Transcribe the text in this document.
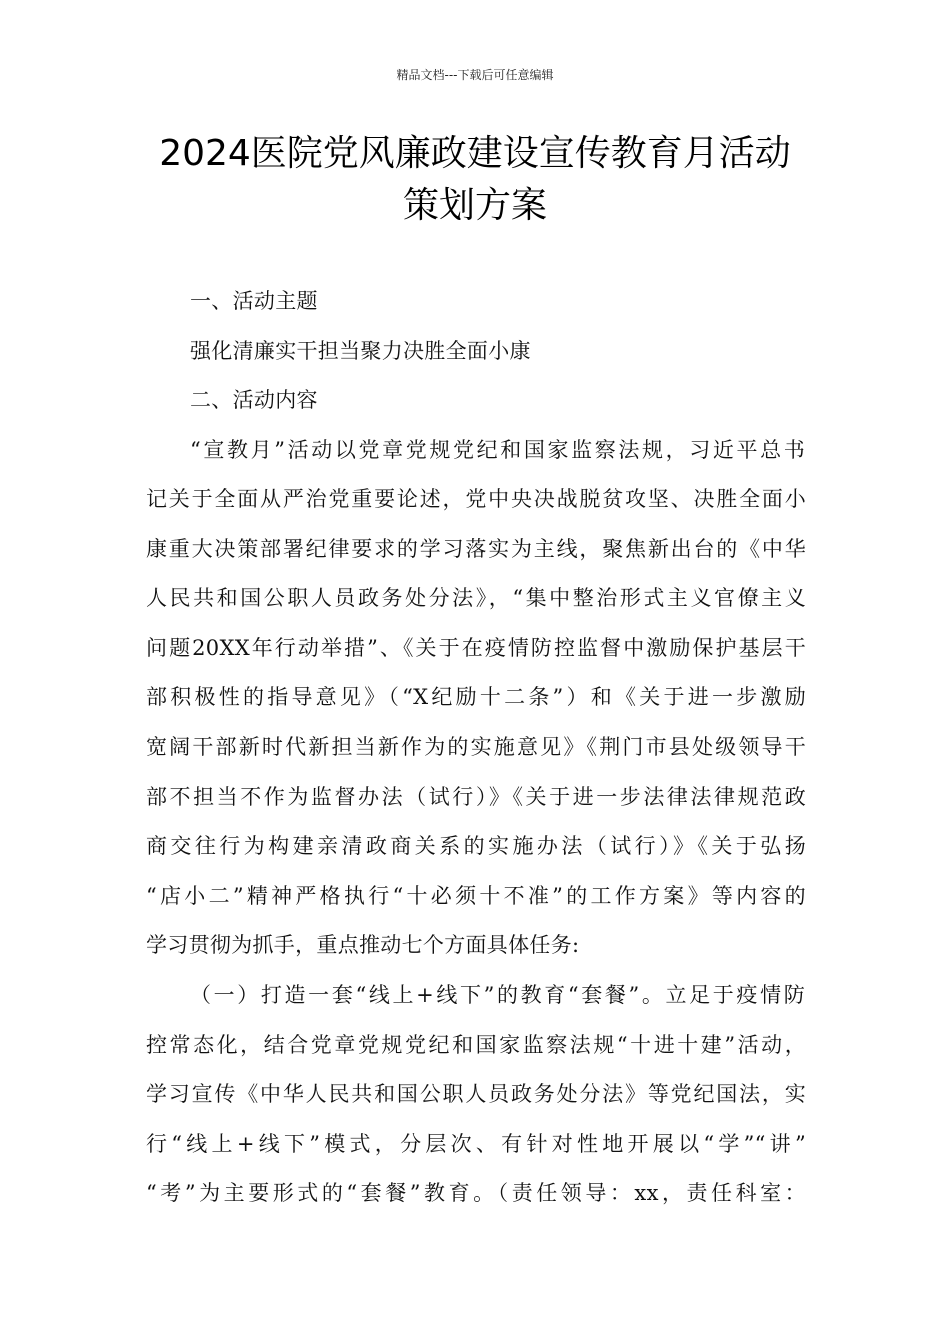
精品文档---下载后可任意编辑
2024医院党风廉政建设宣传教育月活动
策划方案
一、活动主题
强化清廉实干担当聚力决胜全面小康
二、活动内容
“宣教月”活动以党章党规党纪和国家监察法规，习近平总书
记关于全面从严治党重要论述，党中央决战脱贫攻坚、决胜全面小
康重大决策部署纪律要求的学习落实为主线，聚焦新出台的《中华
人民共和国公职人员政务处分法》，“集中整治形式主义官僚主义
问题20XX年行动举措”、《关于在疫情防控监督中激励保护基层干
部积极性的指导意见》（“X纪励十二条”）和《关于进一步激励
宽阔干部新时代新担当新作为的实施意见》《荆门市县处级领导干
部不担当不作为监督办法（试行）》《关于进一步法律法律规范政
商交往行为构建亲清政商关系的实施办法（试行）》《关于弘扬
“店小二”精神严格执行“十必须十不准”的工作方案》等内容的
学习贯彻为抓手，重点推动七个方面具体任务:
（一）打造一套“线上+线下”的教育“套餐”。立足于疫情防
控常态化，结合党章党规党纪和国家监察法规“十进十建”活动，
学习宣传《中华人民共和国公职人员政务处分法》等党纪国法，实
行“线上+线下”模式，分层次、有针对性地开展以“学”“讲”
“考”为主要形式的“套餐”教育。（责任领导：xx，责任科室：
